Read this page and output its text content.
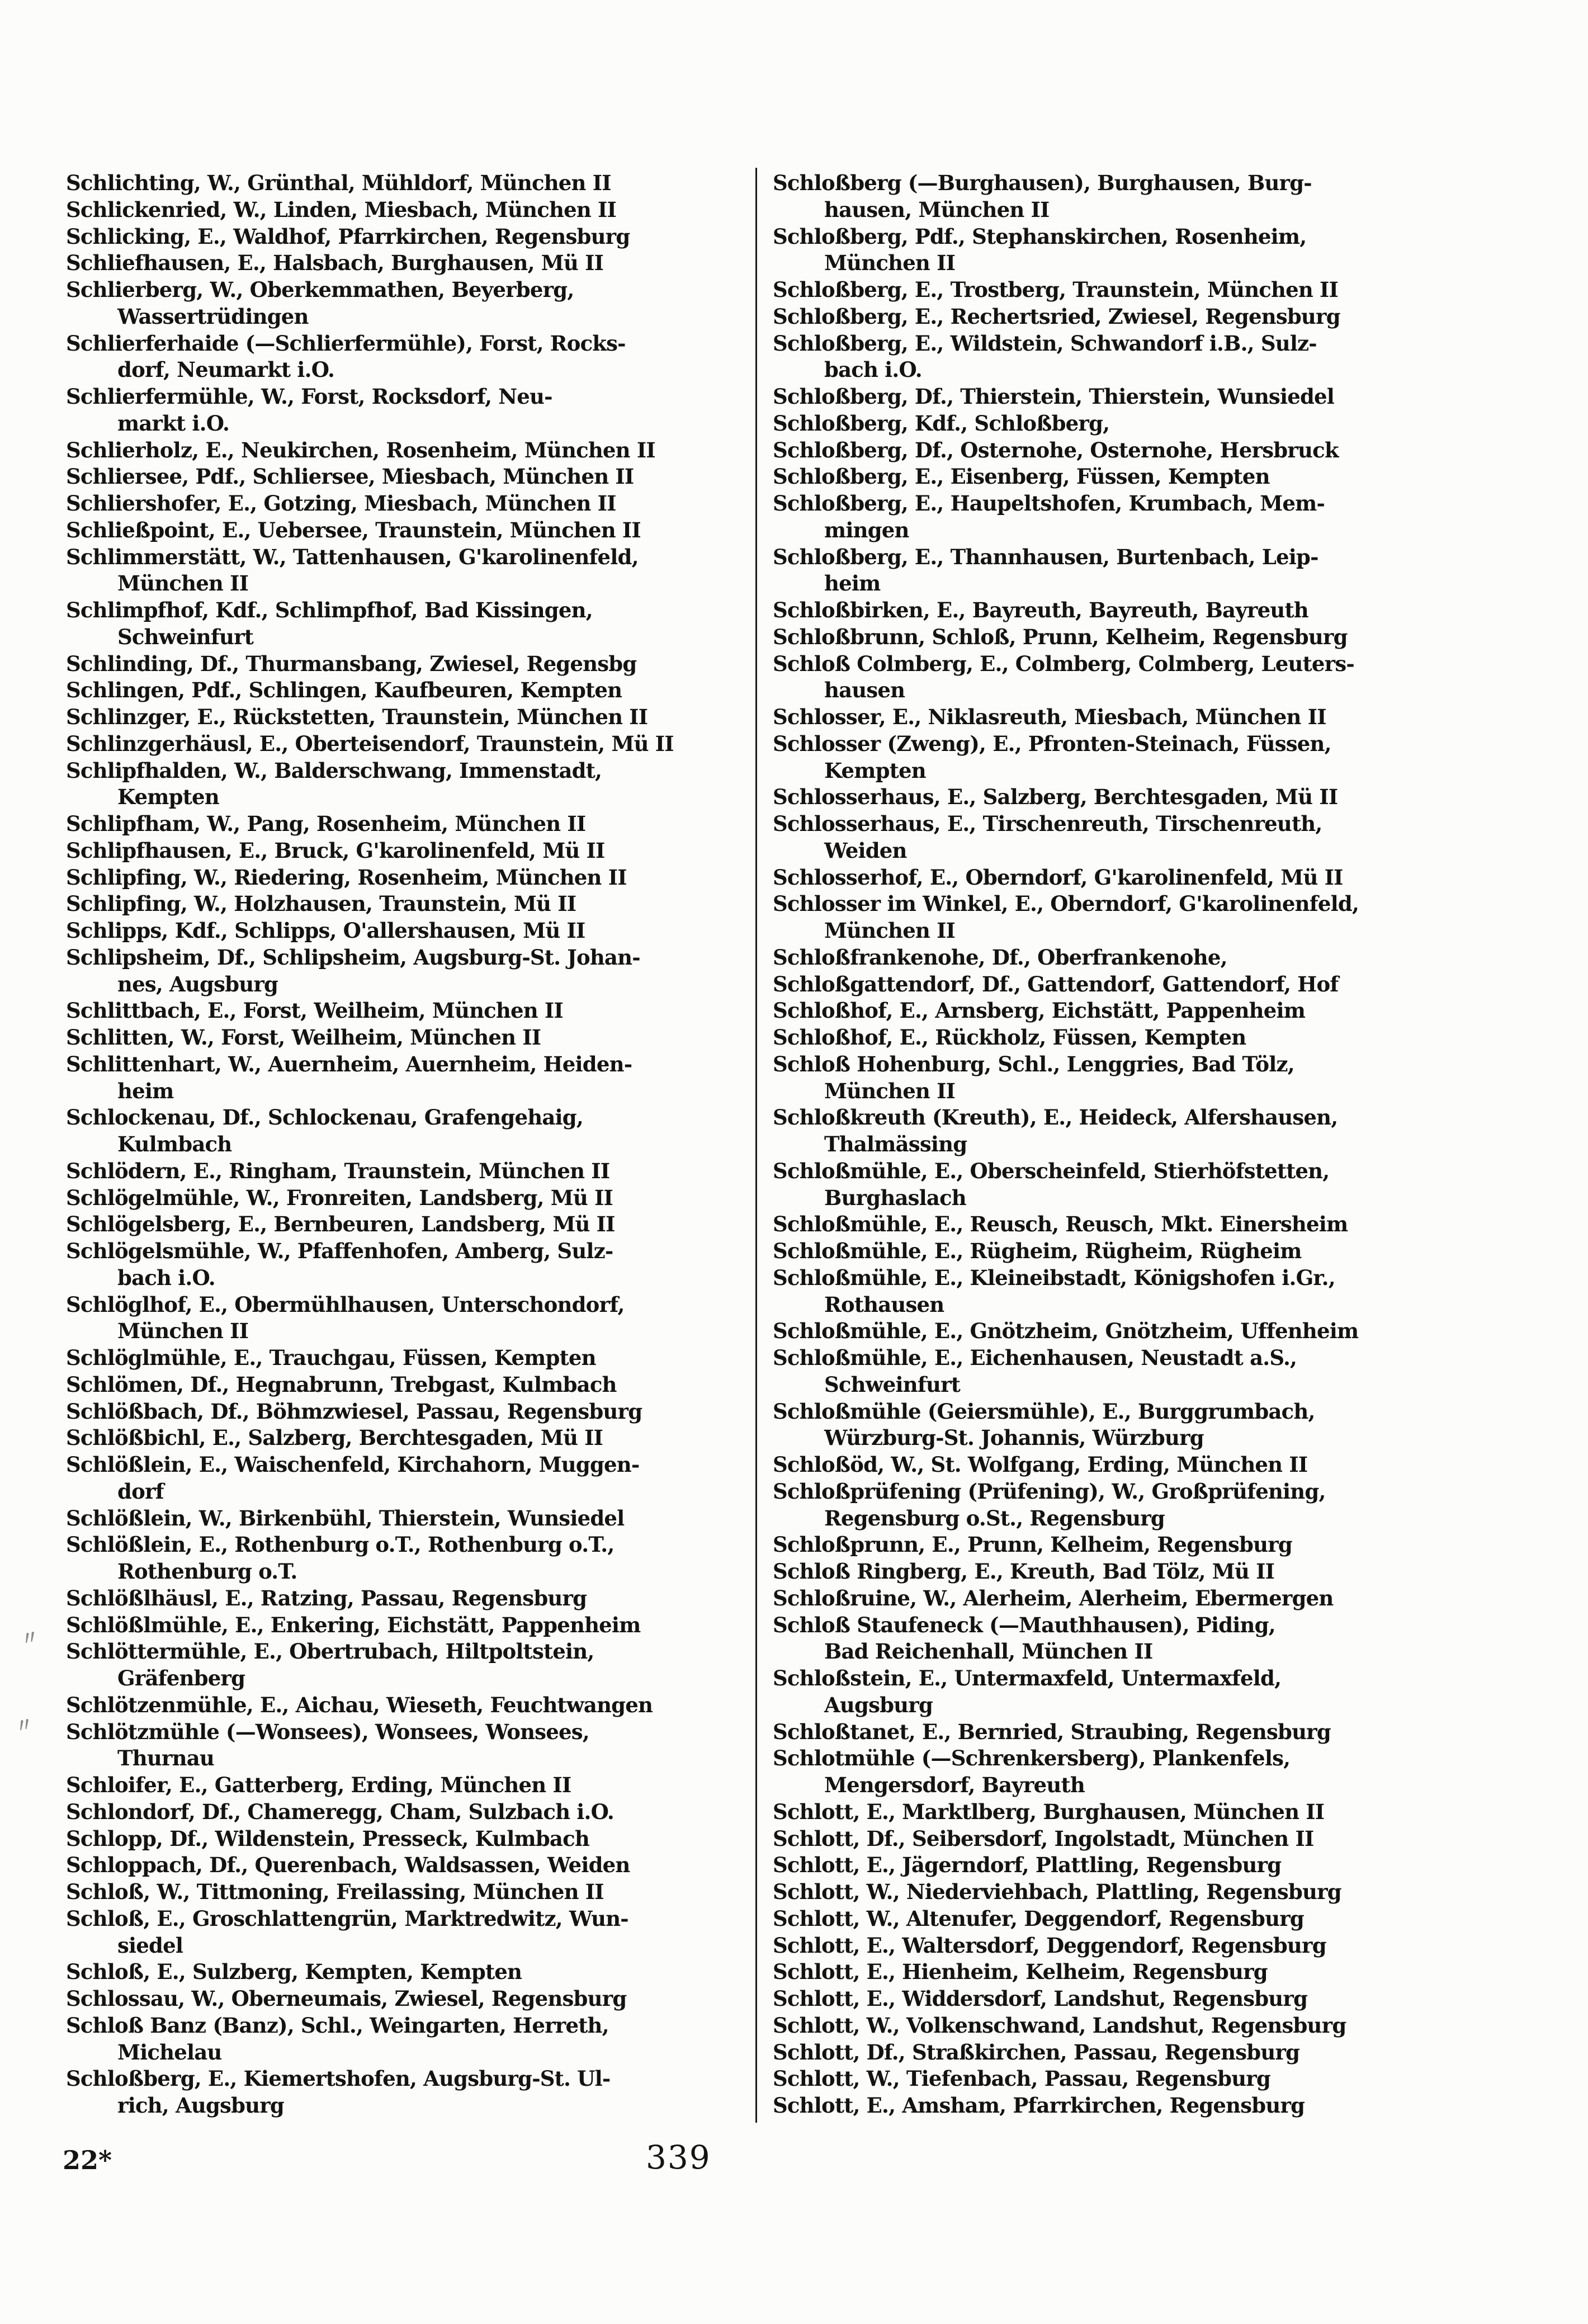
Schlichting, W., Grünthal, Mühldorf, München II
Schlickenried, W., Linden, Miesbach, München II
Schlicking, E., Waldhof, Pfarrkirchen, Regensburg
Schliefhausen, E., Halsbach, Burghausen, Mü II
Schlierberg, W., Oberkemmathen, Beyerberg,
Wassertrüdingen
Schlierferhaide (—Schlierfermühle), Forst, Rocks-
dorf, Neumarkt i.O.
Schlierfermühle, W., Forst, Rocksdorf, Neu-
markt i.O.
Schlierholz, E., Neukirchen, Rosenheim, München II
Schliersee, Pdf., Schliersee, Miesbach, München II
Schliershofer, E., Gotzing, Miesbach, München II
Schließpoint, E., Uebersee, Traunstein, München II
Schlimmerstätt, W., Tattenhausen, G'karolinenfeld,
München II
Schlimpfhof, Kdf., Schlimpfhof, Bad Kissingen,
Schweinfurt
Schlinding, Df., Thurmansbang, Zwiesel, Regensbg
Schlingen, Pdf., Schlingen, Kaufbeuren, Kempten
Schlinzger, E., Rückstetten, Traunstein, München II
Schlinzgerhäusl, E., Oberteisendorf, Traunstein, Mü II
Schlipfhalden, W., Balderschwang, Immenstadt,
Kempten
Schlipfham, W., Pang, Rosenheim, München II
Schlipfhausen, E., Bruck, G'karolinenfeld, Mü II
Schlipfing, W., Riedering, Rosenheim, München II
Schlipfing, W., Holzhausen, Traunstein, Mü II
Schlipps, Kdf., Schlipps, O'allershausen, Mü II
Schlipsheim, Df., Schlipsheim, Augsburg-St. Johan-
nes, Augsburg
Schlittbach, E., Forst, Weilheim, München II
Schlitten, W., Forst, Weilheim, München II
Schlittenhart, W., Auernheim, Auernheim, Heiden-
heim
Schlockenau, Df., Schlockenau, Grafengehaig,
Kulmbach
Schlödern, E., Ringham, Traunstein, München II
Schlögelmühle, W., Fronreiten, Landsberg, Mü II
Schlögelsberg, E., Bernbeuren, Landsberg, Mü II
Schlögelsmühle, W., Pfaffenhofen, Amberg, Sulz-
bach i.O.
Schlöglhof, E., Obermühlhausen, Unterschondorf,
München II
Schlöglmühle, E., Trauchgau, Füssen, Kempten
Schlömen, Df., Hegnabrunn, Trebgast, Kulmbach
Schlößbach, Df., Böhmzwiesel, Passau, Regensburg
Schlößbichl, E., Salzberg, Berchtesgaden, Mü II
Schlößlein, E., Waischenfeld, Kirchahorn, Muggen-
dorf
Schlößlein, W., Birkenbühl, Thierstein, Wunsiedel
Schlößlein, E., Rothenburg o.T., Rothenburg o.T.,
Rothenburg o.T.
Schlößlhäusl, E., Ratzing, Passau, Regensburg
Schlößlmühle, E., Enkering, Eichstätt, Pappenheim
Schlöttermühle, E., Obertrubach, Hiltpoltstein,
Gräfenberg
Schlötzenmühle, E., Aichau, Wieseth, Feuchtwangen
Schlötzmühle (—Wonsees), Wonsees, Wonsees,
Thurnau
Schloifer, E., Gatterberg, Erding, München II
Schlondorf, Df., Chameregg, Cham, Sulzbach i.O.
Schlopp, Df., Wildenstein, Presseck, Kulmbach
Schloppach, Df., Querenbach, Waldsassen, Weiden
Schloß, W., Tittmoning, Freilassing, München II
Schloß, E., Groschlattengrün, Marktredwitz, Wun-
siedel
Schloß, E., Sulzberg, Kempten, Kempten
Schlossau, W., Oberneumais, Zwiesel, Regensburg
Schloß Banz (Banz), Schl., Weingarten, Herreth,
Michelau
Schloßberg, E., Kiemertshofen, Augsburg-St. Ul-
rich, Augsburg
Schloßberg (—Burghausen), Burghausen, Burg-
hausen, München II
Schloßberg, Pdf., Stephanskirchen, Rosenheim,
München II
Schloßberg, E., Trostberg, Traunstein, München II
Schloßberg, E., Rechertsried, Zwiesel, Regensburg
Schloßberg, E., Wildstein, Schwandorf i.B., Sulz-
bach i.O.
Schloßberg, Df., Thierstein, Thierstein, Wunsiedel
Schloßberg, Kdf., Schloßberg,
Schloßberg, Df., Osternohe, Osternohe, Hersbruck
Schloßberg, E., Eisenberg, Füssen, Kempten
Schloßberg, E., Haupeltshofen, Krumbach, Mem-
mingen
Schloßberg, E., Thannhausen, Burtenbach, Leip-
heim
Schloßbirken, E., Bayreuth, Bayreuth, Bayreuth
Schloßbrunn, Schloß, Prunn, Kelheim, Regensburg
Schloß Colmberg, E., Colmberg, Colmberg, Leuters-
hausen
Schlosser, E., Niklasreuth, Miesbach, München II
Schlosser (Zweng), E., Pfronten-Steinach, Füssen,
Kempten
Schlosserhaus, E., Salzberg, Berchtesgaden, Mü II
Schlosserhaus, E., Tirschenreuth, Tirschenreuth,
Weiden
Schlosserhof, E., Oberndorf, G'karolinenfeld, Mü II
Schlosser im Winkel, E., Oberndorf, G'karolinenfeld,
München II
Schloßfrankenohe, Df., Oberfrankenohe,
Schloßgattendorf, Df., Gattendorf, Gattendorf, Hof
Schloßhof, E., Arnsberg, Eichstätt, Pappenheim
Schloßhof, E., Rückholz, Füssen, Kempten
Schloß Hohenburg, Schl., Lenggries, Bad Tölz,
München II
Schloßkreuth (Kreuth), E., Heideck, Alfershausen,
Thalmässing
Schloßmühle, E., Oberscheinfeld, Stierhöfstetten,
Burghaslach
Schloßmühle, E., Reusch, Reusch, Mkt. Einersheim
Schloßmühle, E., Rügheim, Rügheim, Rügheim
Schloßmühle, E., Kleineibstadt, Königshofen i.Gr.,
Rothausen
Schloßmühle, E., Gnötzheim, Gnötzheim, Uffenheim
Schloßmühle, E., Eichenhausen, Neustadt a.S.,
Schweinfurt
Schloßmühle (Geiersmühle), E., Burggrumbach,
Würzburg-St. Johannis, Würzburg
Schloßöd, W., St. Wolfgang, Erding, München II
Schloßprüfening (Prüfening), W., Großprüfening,
Regensburg o.St., Regensburg
Schloßprunn, E., Prunn, Kelheim, Regensburg
Schloß Ringberg, E., Kreuth, Bad Tölz, Mü II
Schloßruine, W., Alerheim, Alerheim, Ebermergen
Schloß Staufeneck (—Mauthhausen), Piding,
Bad Reichenhall, München II
Schloßstein, E., Untermaxfeld, Untermaxfeld,
Augsburg
Schloßtanet, E., Bernried, Straubing, Regensburg
Schlotmühle (—Schrenkersberg), Plankenfels,
Mengersdorf, Bayreuth
Schlott, E., Marktlberg, Burghausen, München II
Schlott, Df., Seibersdorf, Ingolstadt, München II
Schlott, E., Jägerndorf, Plattling, Regensburg
Schlott, W., Niederviehbach, Plattling, Regensburg
Schlott, W., Altenufer, Deggendorf, Regensburg
Schlott, E., Waltersdorf, Deggendorf, Regensburg
Schlott, E., Hienheim, Kelheim, Regensburg
Schlott, E., Widdersdorf, Landshut, Regensburg
Schlott, W., Volkenschwand, Landshut, Regensburg
Schlott, Df., Straßkirchen, Passau, Regensburg
Schlott, W., Tiefenbach, Passau, Regensburg
Schlott, E., Amsham, Pfarrkirchen, Regensburg
〃
〃
22*	339
